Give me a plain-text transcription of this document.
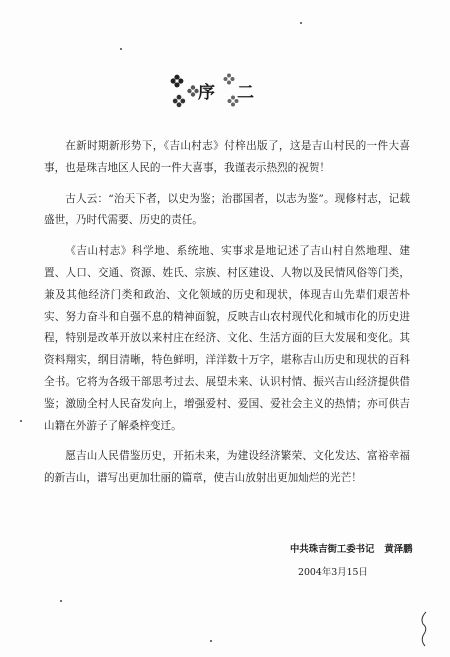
序二

在新时期新形势下，《吉山村志》付梓出版了，这是吉山村民的一件大喜事，也是珠吉地区人民的一件大喜事，我谨表示热烈的祝贺！

古人云：“治天下者，以史为鉴；治郡国者，以志为鉴”。现修村志，记载盛世，乃时代需要、历史的责任。

《吉山村志》科学地、系统地、实事求是地记述了吉山村自然地理、建置、人口、交通、资源、姓氏、宗族、村区建设、人物以及民情风俗等门类，兼及其他经济门类和政治、文化领域的历史和现状，体现吉山先辈们艰苦朴实、努力奋斗和自强不息的精神面貌，反映吉山农村现代化和城市化的历史进程，特别是改革开放以来村庄在经济、文化、生活方面的巨大发展和变化。其资料翔实，纲目清晰，特色鲜明，洋洋数十万字，堪称吉山历史和现状的百科全书。它将为各级干部思考过去、展望未来、认识村情、振兴吉山经济提供借鉴；激励全村人民奋发向上，增强爱村、爱国、爱社会主义的热情；亦可供吉山籍在外游子了解桑梓变迁。

愿吉山人民借鉴历史，开拓未来，为建设经济繁荣、文化发达、富裕幸福的新吉山，谱写出更加壮丽的篇章，使吉山放射出更加灿烂的光芒！

中共珠吉街工委书记 黄泽鹏
2004年3月15日
